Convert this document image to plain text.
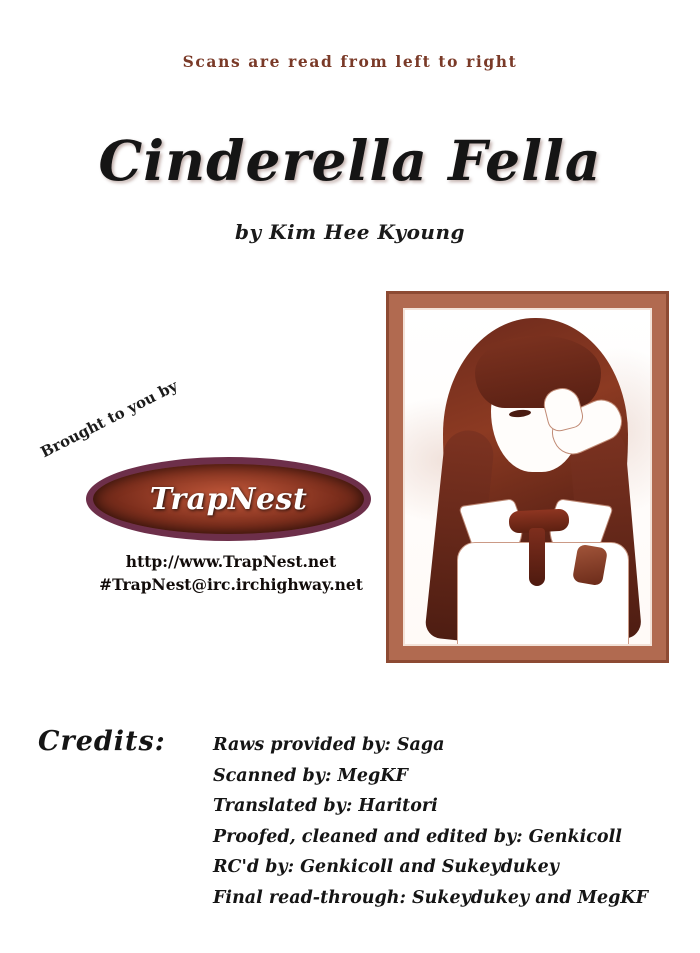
Scans are read from left to right
Cinderella Fella
by Kim Hee Kyoung
Brought to you by
TrapNest
http://www.TrapNest.net
#TrapNest@irc.irchighway.net
Credits:	Raws provided by: Saga
Scanned by: MegKF
Translated by: Haritori
Proofed, cleaned and edited by: Genkicoll
RC'd by: Genkicoll and Sukeydukey
Final read-through: Sukeydukey and MegKF
